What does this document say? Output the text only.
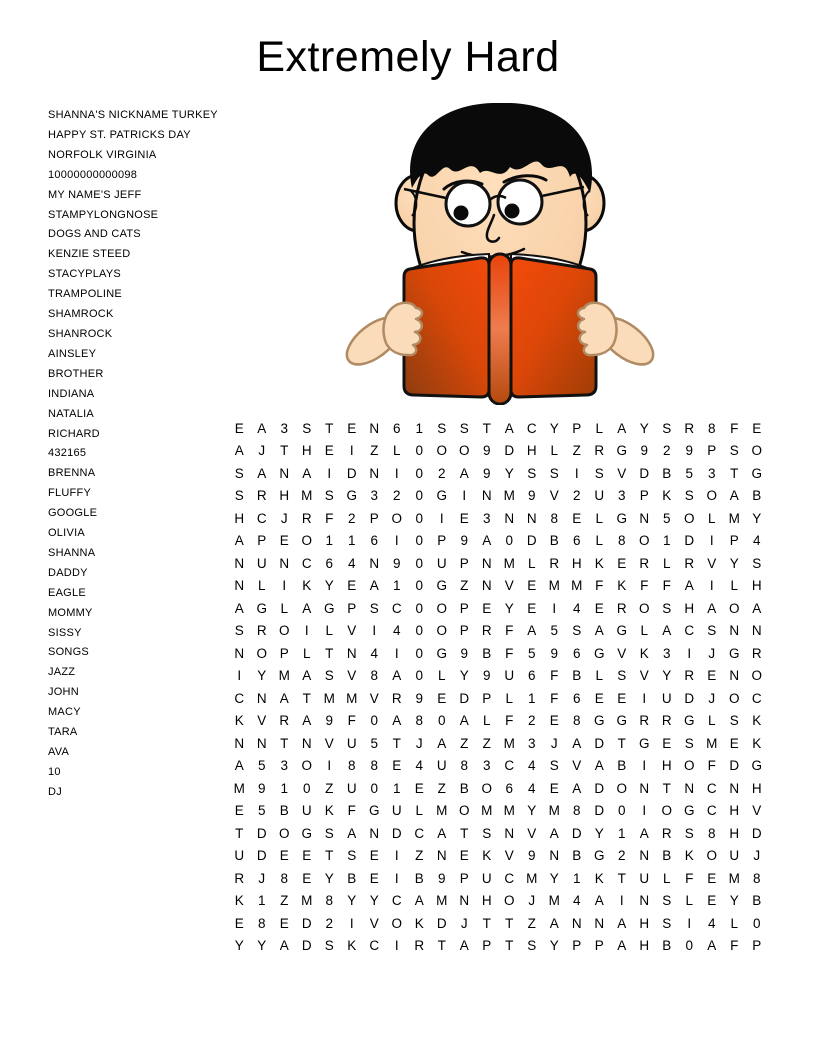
Extremely Hard
SHANNA'S NICKNAME TURKEY
HAPPY ST. PATRICKS DAY
NORFOLK VIRGINIA
10000000000098
MY NAME'S JEFF
STAMPYLONGNOSE
DOGS AND CATS
KENZIE STEED
STACYPLAYS
TRAMPOLINE
SHAMROCK
SHANROCK
AINSLEY
BROTHER
INDIANA
NATALIA
RICHARD
432165
BRENNA
FLUFFY
GOOGLE
OLIVIA
SHANNA
DADDY
EAGLE
MOMMY
SISSY
SONGS
JAZZ
JOHN
MACY
TARA
AVA
10
DJ
E A	3	S	T	E N	6	1	S S	T	A C Y P	L	A Y S R	8	F	E
A	J	T	H E	I	Z	L	0 O O 9	D H	L	Z	R G 9	2	9	P S O
S A N A	I	D N	I	0	2	A	9	Y S S	I	S V D B	5	3	T G
S R H M S G 3	2	0 G	I	N M 9	V	2	U	3	P K S O A B
H C	J	R	F	2	P O 0	I	E	3	N N	8	E	L G N	5 O L M Y
A P E O 1	1	6	I	0	P	9	A	0	D B	6	L	8 O 1	D	I	P	4
N U N C	6	4	N	9	0	U P N M L	R H K E R	L	R V Y S
N	L	I	K Y E A	1	0 G Z	N V E M M F	K	F	F	A	I	L	H
A G L	A G P S C	0 O P E Y E	I	4	E R O S H A O A
S R O	I	L	V	I	4	0 O P R	F	A	5	S A G L	A C S N N
N O P	L	T	N	4	I	0 G 9	B	F	5	9	6 G V K	3	I	J	G R
I	Y M A S V	8	A	0	L	Y	9	U	6	F	B	L	S V Y R E N O
C N A	T M M V R	9	E D P	L	1	F	6	E E	I	U D	J	O C
K V R A	9	F	0	A	8	0	A	L	F	2	E	8 G G R R G L	S K
N N	T	N V U	5	T	J	A	Z	Z M 3	J	A D	T G E S M E K
A	5	3 O	I	8	8	E	4	U	8	3	C	4	S V A B	I	H O F	D G
M 9	1	0	Z	U	0	1	E	Z	B O 6	4	E A D O N	T	N C N H
E	5	B U K	F G U	L M O M M Y M 8	D	0	I	O G C H V
T	D O G S A N D C A	T	S N V A D Y	1	A R S	8	H D
U D E E	T	S E	I	Z	N E K V	9	N B G 2	N B K O U	J
R	J	8	E Y B E	I	B	9	P U C M Y	1	K	T	U	L	F	E M 8
K	1	Z M 8	Y Y C A M N H O	J	M 4	A	I	N S	L	E Y B
E	8	E D	2	I	V O K D	J	T	T	Z	A N N A H S	I	4	L	0
Y Y A D S K C	I	R	T	A P	T	S Y P P A H B	0	A	F	P
